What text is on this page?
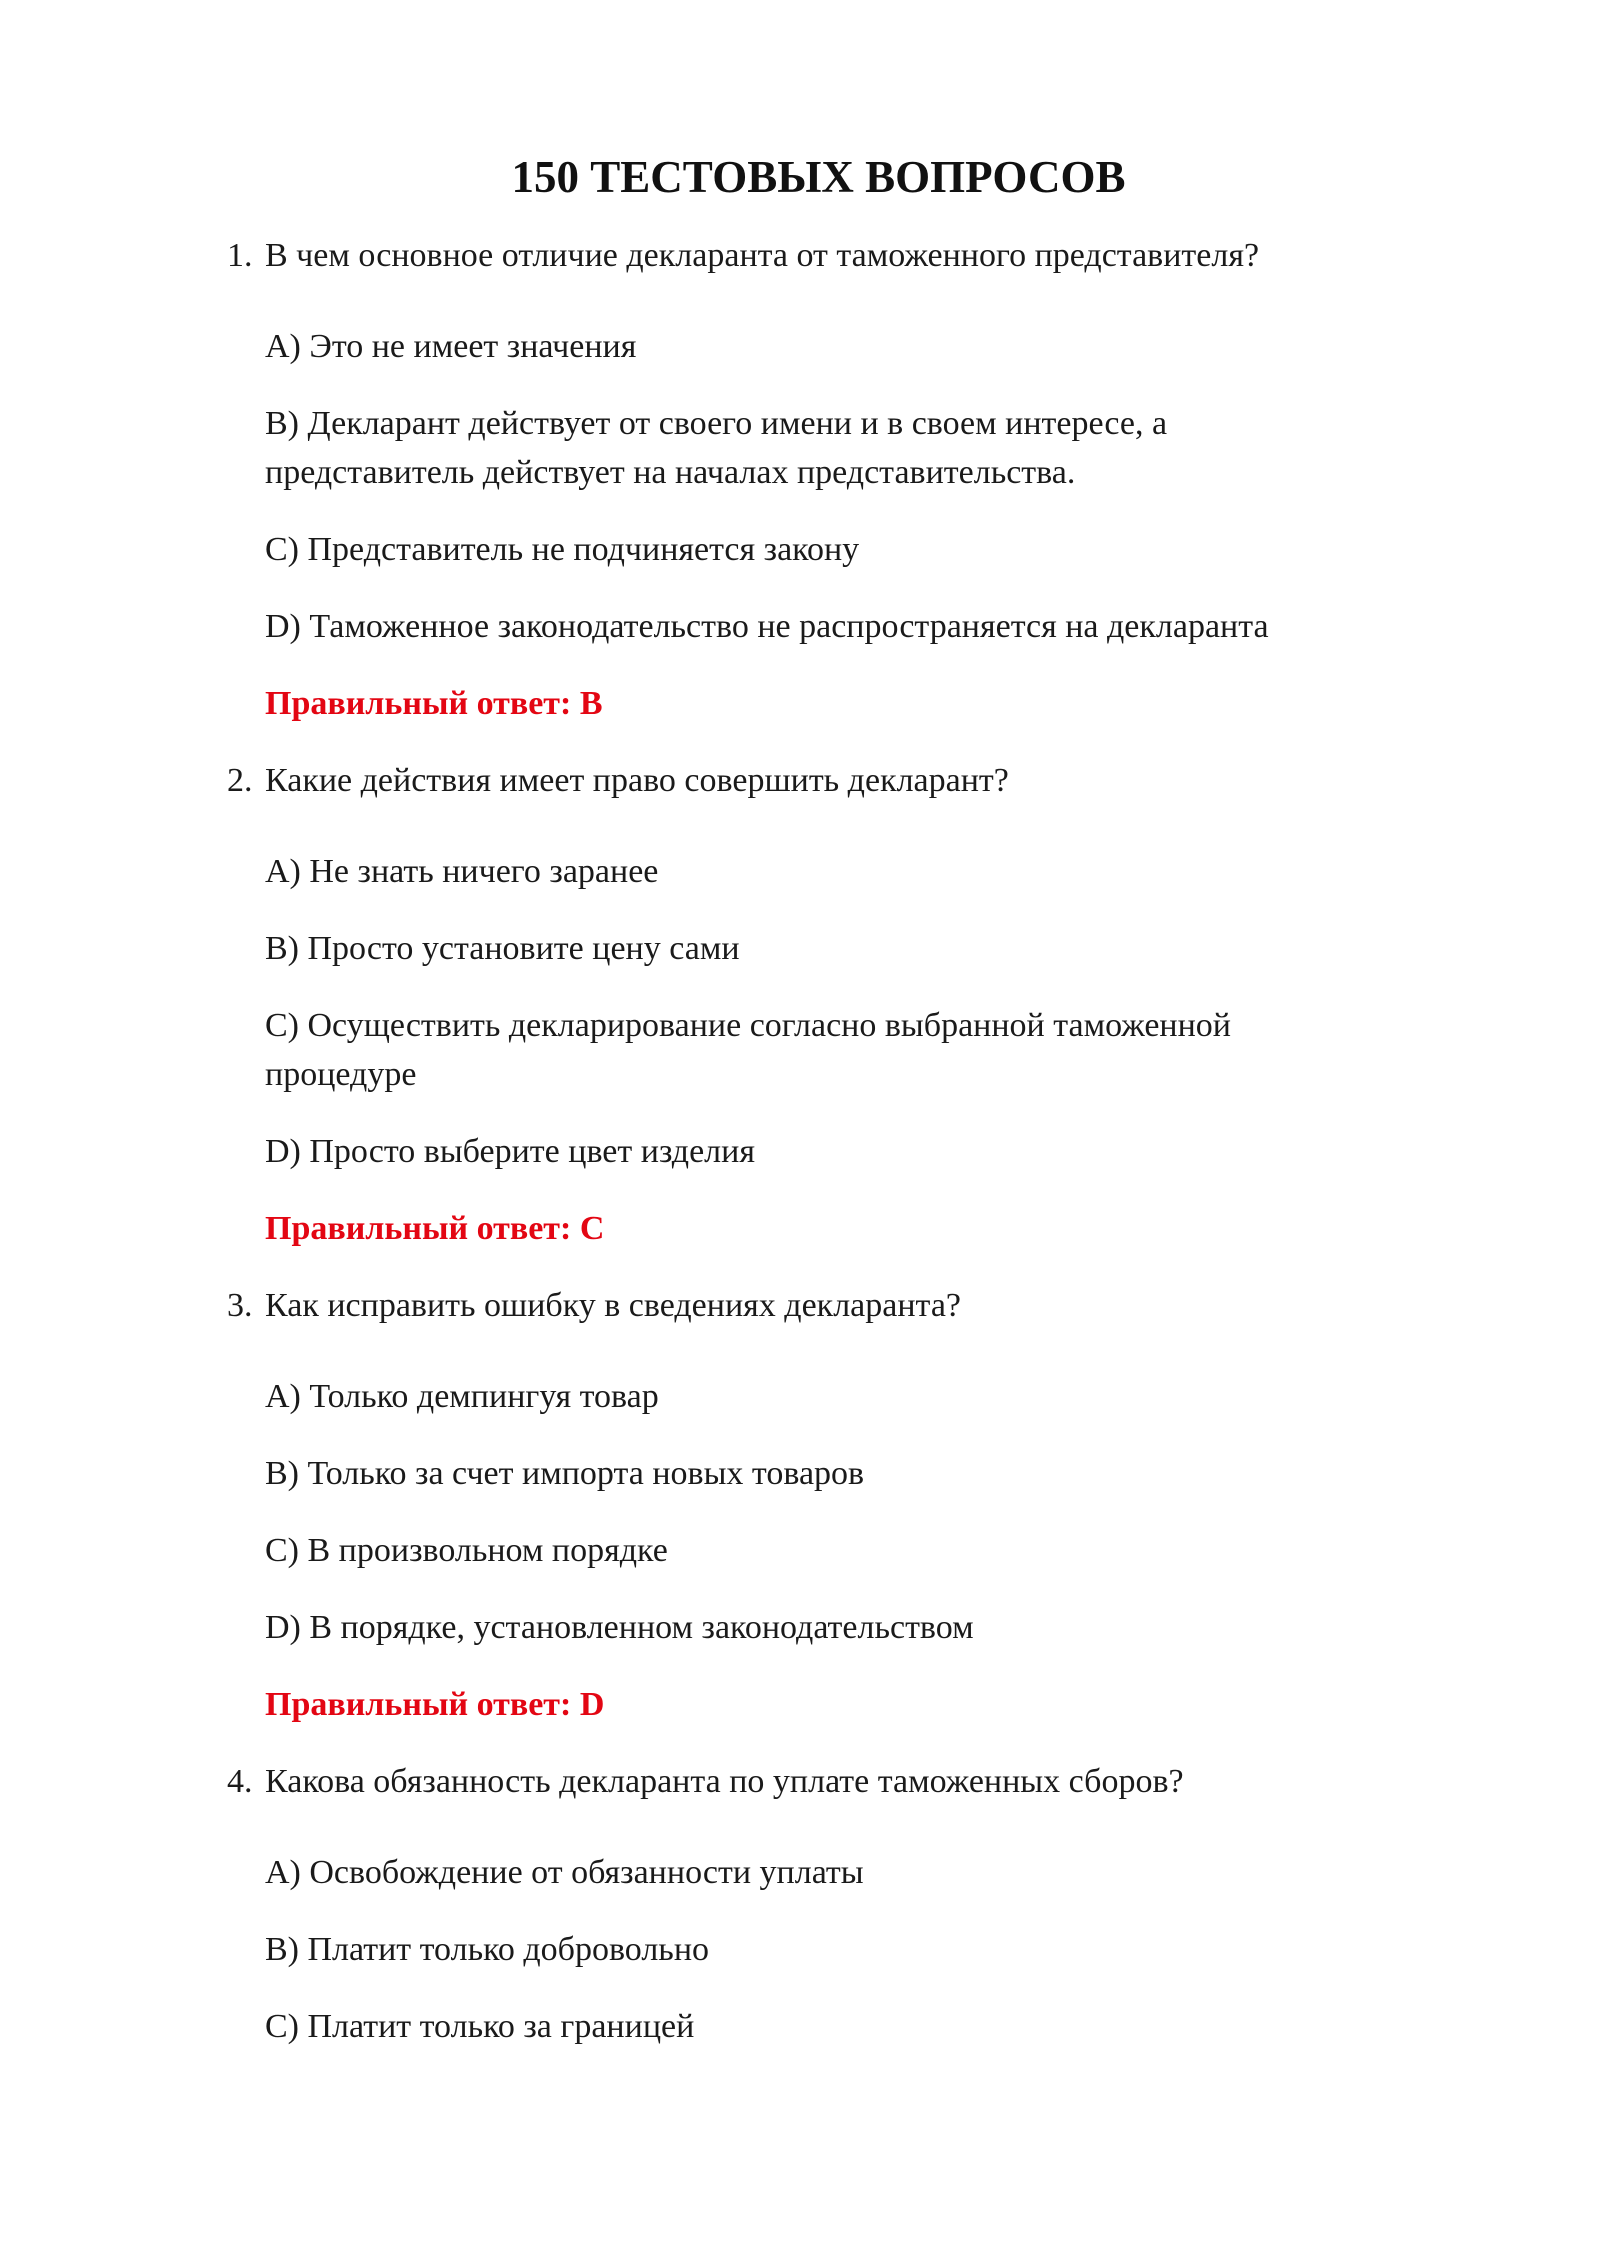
150 ТЕСТОВЫХ ВОПРОСОВ
1. В чем основное отличие декларанта от таможенного представителя?
A) Это не имеет значения
B) Декларант действует от своего имени и в своем интересе, а представитель действует на началах представительства.
C) Представитель не подчиняется закону
D) Таможенное законодательство не распространяется на декларанта
Правильный ответ: B
2. Какие действия имеет право совершить декларант?
A) Не знать ничего заранее
B) Просто установите цену сами
C) Осуществить декларирование согласно выбранной таможенной процедуре
D) Просто выберите цвет изделия
Правильный ответ: C
3. Как исправить ошибку в сведениях декларанта?
A) Только демпингуя товар
B) Только за счет импорта новых товаров
C) В произвольном порядке
D) В порядке, установленном законодательством
Правильный ответ: D
4. Какова обязанность декларанта по уплате таможенных сборов?
A) Освобождение от обязанности уплаты
B) Платит только добровольно
C) Платит только за границей
